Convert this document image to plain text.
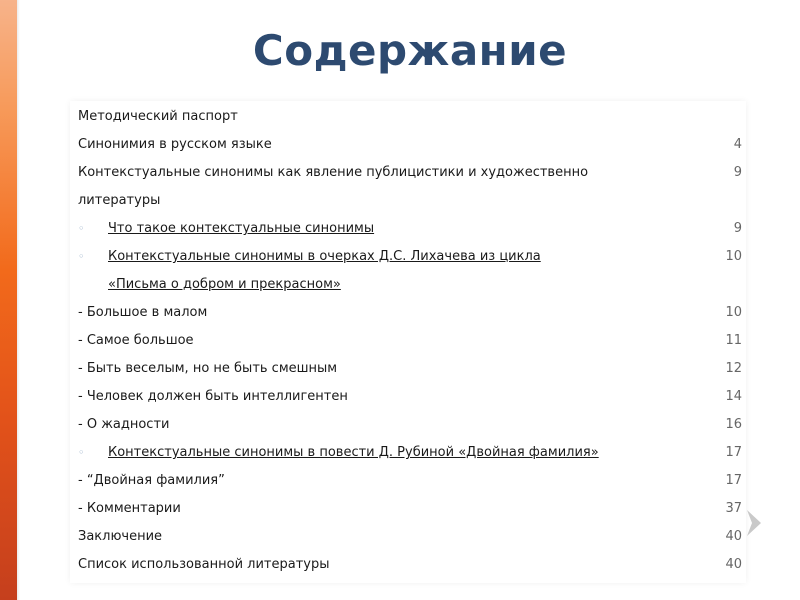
Содержание
Методический паспорт
Синонимия в русском языке	4
Контекстуальные синонимы как явление публицистики и художественно	9
литературы
◦ Что такое контекстуальные синонимы	9
◦ Контекстуальные синонимы в очерках Д.С. Лихачева из цикла	10
«Письма о добром и прекрасном»
- Большое в малом	10
- Самое большое	11
- Быть веселым, но не быть смешным	12
- Человек должен быть интеллигентен	14
- О жадности	16
◦ Контекстуальные синонимы в повести Д. Рубиной «Двойная фамилия»	17
- “Двойная фамилия”	17
- Комментарии	37
Заключение	40
Список использованной литературы	40
